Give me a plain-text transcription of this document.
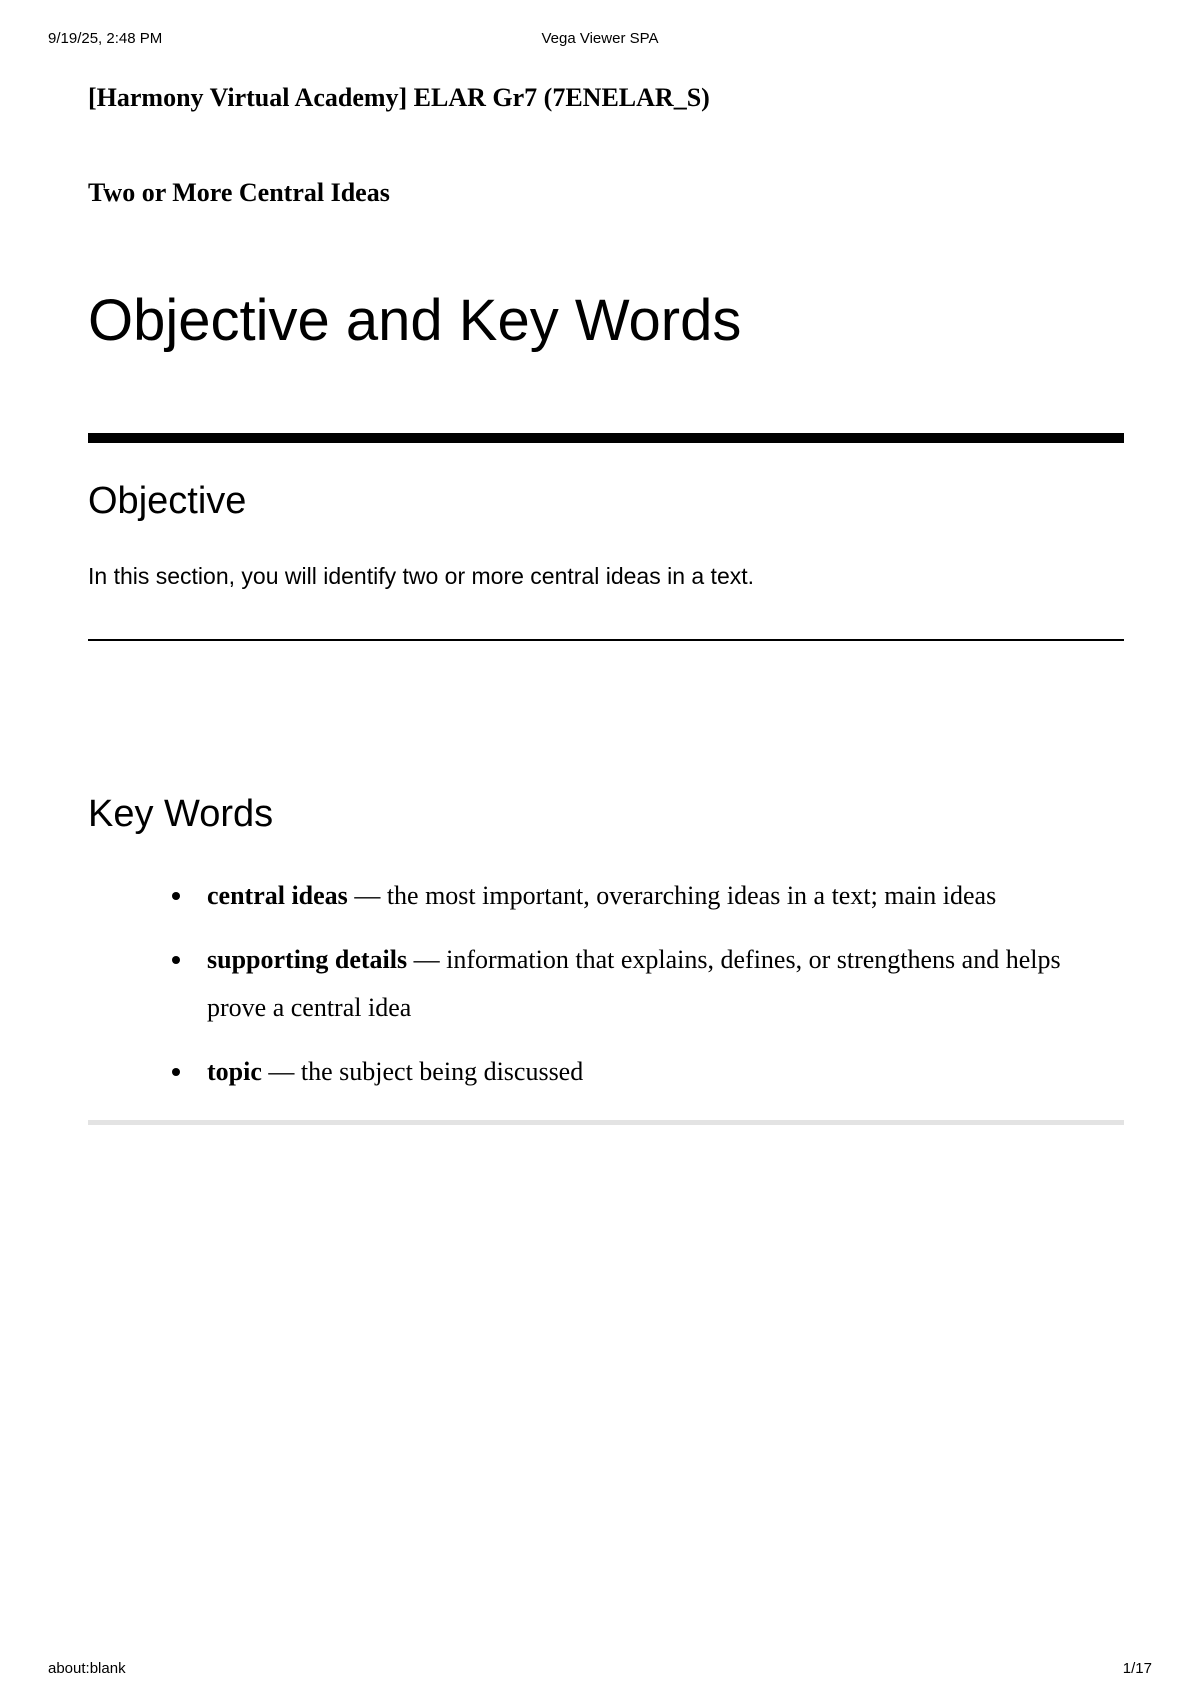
9/19/25, 2:48 PM	Vega Viewer SPA
[Harmony Virtual Academy] ELAR Gr7 (7ENELAR_S)
Two or More Central Ideas
Objective and Key Words
Objective

In this section, you will identify two or more central ideas in a text.

Key Words
central ideas — the most important, overarching ideas in a text; main ideas
supporting details — information that explains, defines, or strengthens and helps prove a central idea
topic — the subject being discussed
about:blank	1/17
